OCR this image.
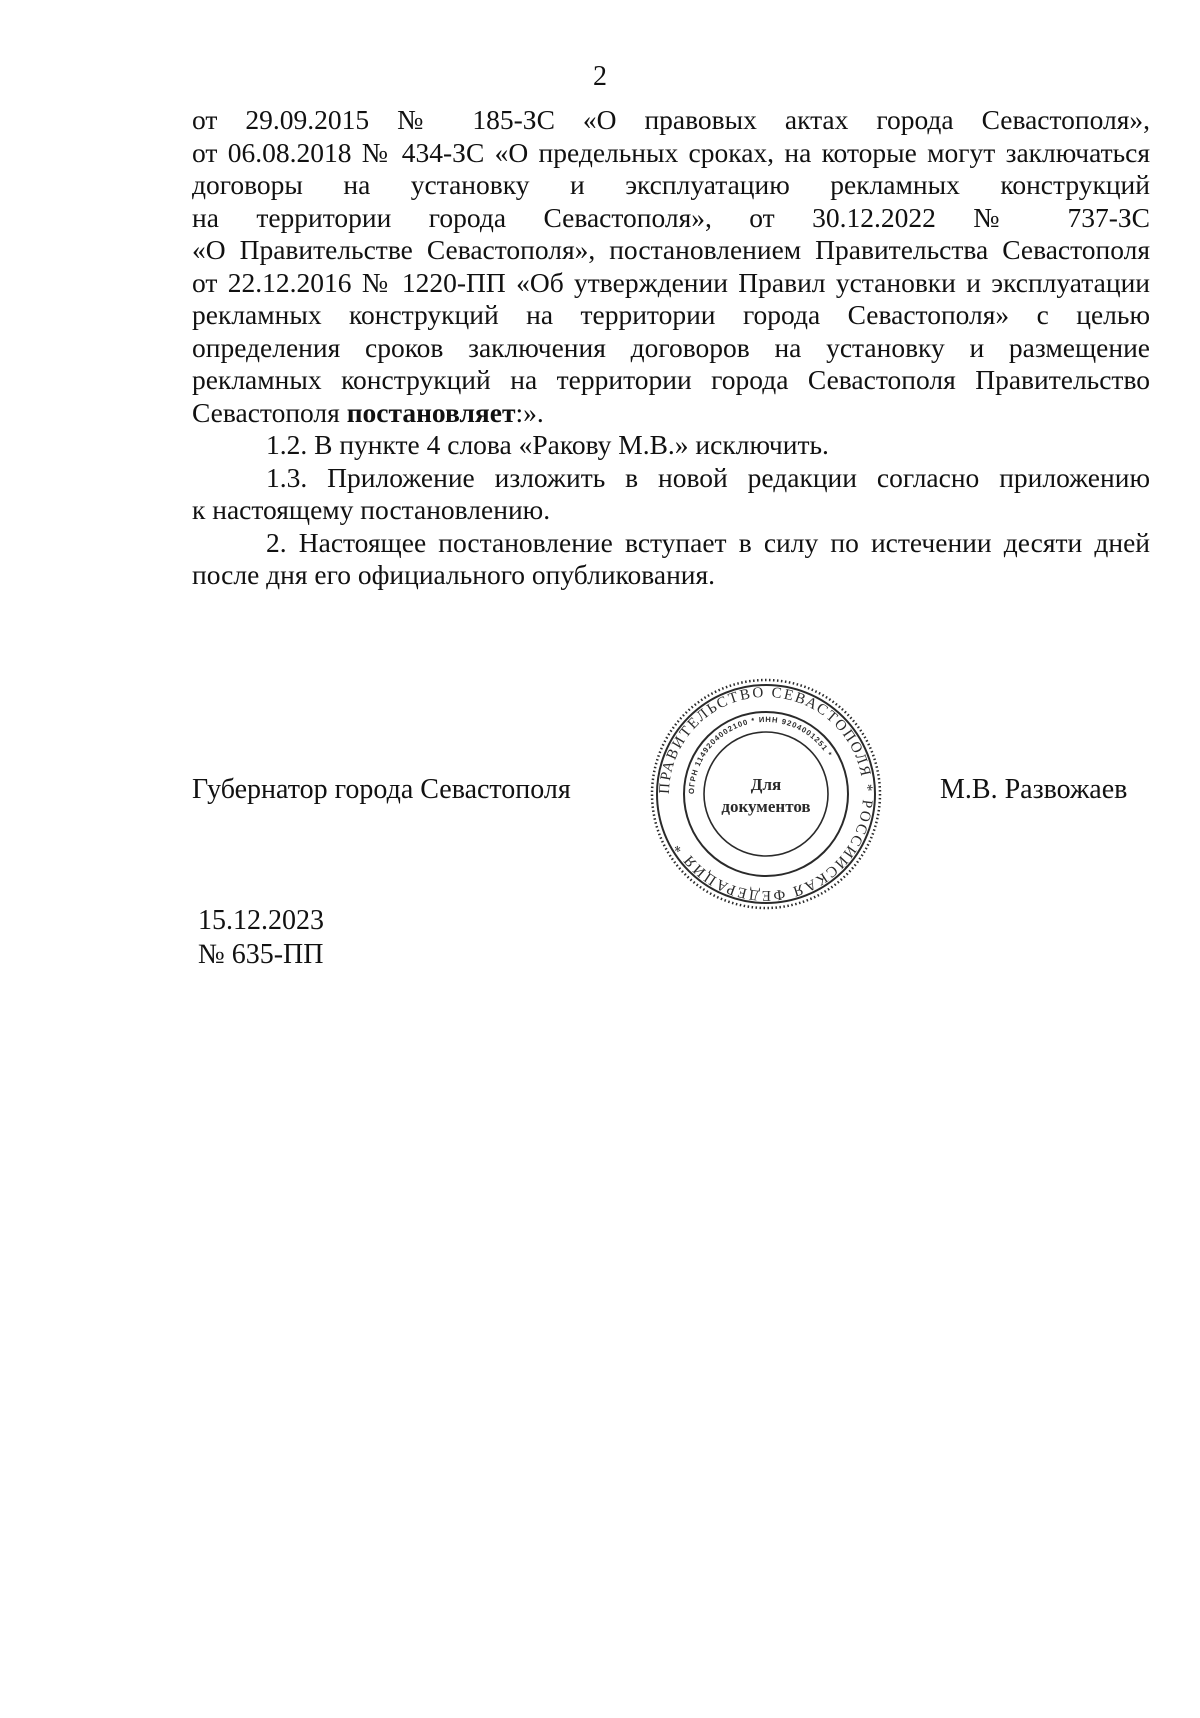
2

от 29.09.2015 № 185-ЗС «О правовых актах города Севастополя»,

от 06.08.2018 № 434-ЗС «О предельных сроках, на которые могут заключаться

договоры на установку и эксплуатацию рекламных конструкций

на территории города Севастополя», от 30.12.2022 № 737-ЗС

«О Правительстве Севастополя», постановлением Правительства Севастополя

от 22.12.2016 № 1220-ПП «Об утверждении Правил установки и эксплуатации

рекламных конструкций на территории города Севастополя» с целью

определения сроков заключения договоров на установку и размещение

рекламных конструкций на территории города Севастополя Правительство

Севастополя постановляет:».

1.2. В пункте 4 слова «Ракову М.В.» исключить.

1.3. Приложение изложить в новой редакции согласно приложению

к настоящему постановлению.

2. Настоящее постановление вступает в силу по истечении десяти дней

после дня его официального опубликования.

Губернатор города Севастополя	ПРАВИТЕЛЬСТВО СЕВАСТОПОЛЯ * РОССИЙСКАЯ ФЕДЕРАЦИЯ *
ОГРН 1149204002100 * ИНН 9204001251 *
Для
документов
М.В. Развожаев
15.12.2023
№ 635-ПП
